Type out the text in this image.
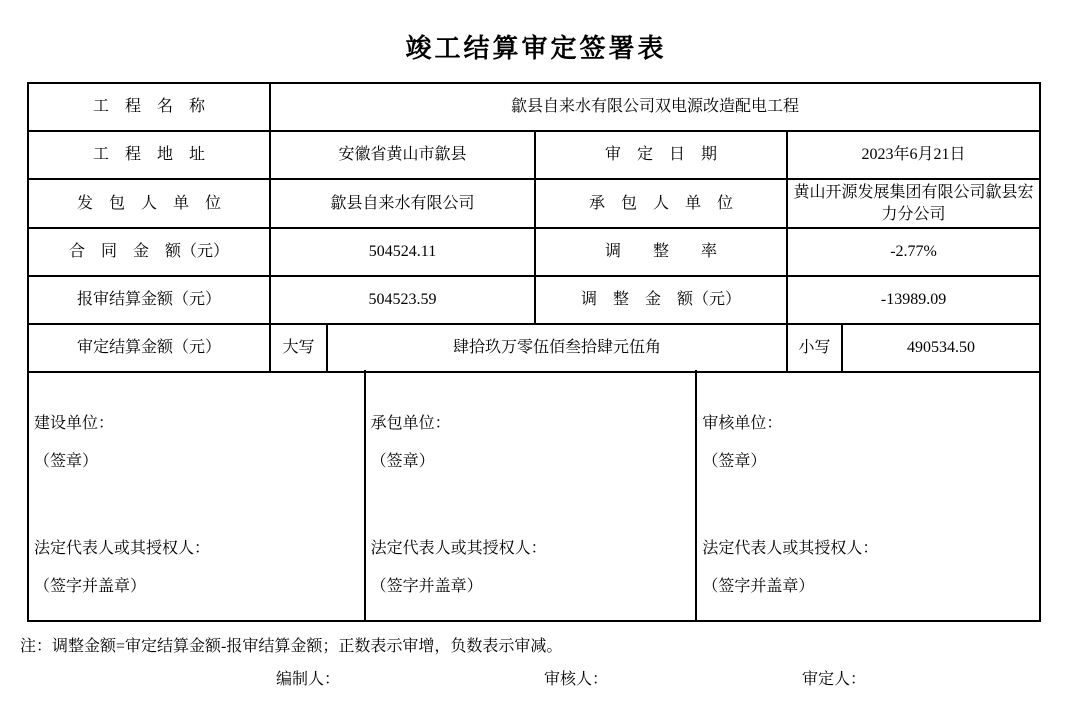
竣工结算审定签署表
工　程　名　称	歙县自来水有限公司双电源改造配电工程				
工　程　地　址	安徽省黄山市歙县		审　定　日　期	2023年6月21日	
发　包　人　单　位	歙县自来水有限公司		承　包　人　单　位	黄山开源发展集团有限公司歙县宏力分公司	
合　同　金　额（元）	504524.11		调　　整　　率	-2.77%	
报审结算金额（元）	504523.59		调　整　金　额（元）	-13989.09	
审定结算金额（元）	大写	肆拾玖万零伍佰叁拾肆元伍角		小写	490534.50
建设单位：
（签章）
法定代表人或其授权人：
（签字并盖章）
承包单位：
（签章）
法定代表人或其授权人：
（签字并盖章）
审核单位：
（签章）
法定代表人或其授权人：
（签字并盖章）
注：调整金额=审定结算金额-报审结算金额；正数表示审增，负数表示审减。
编制人：	审核人：	审定人：
